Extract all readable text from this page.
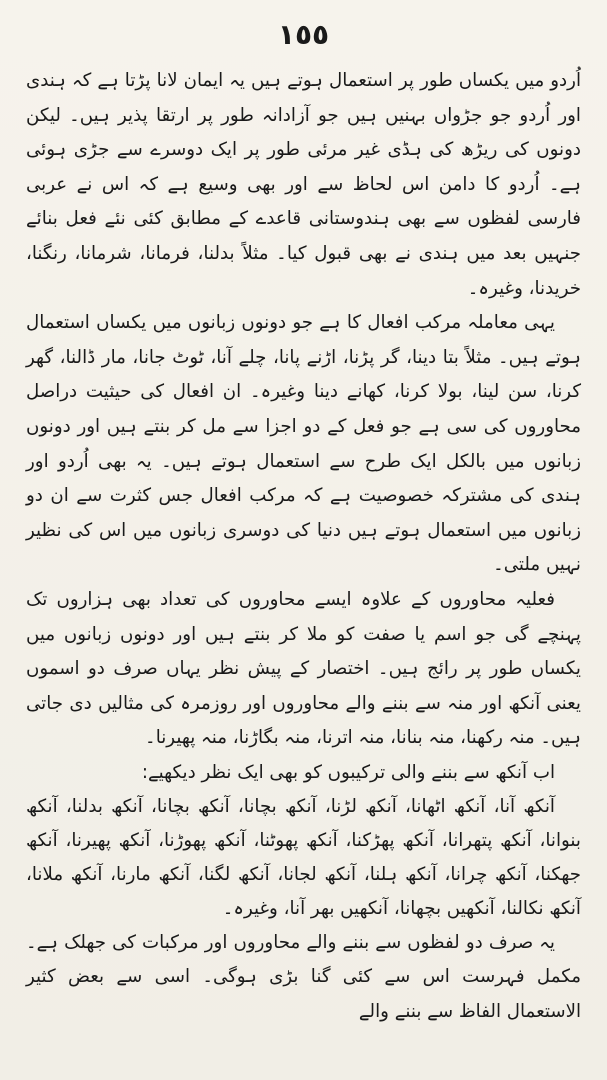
١٥٥

اُردو میں یکساں طور پر استعمال ہوتے ہیں یہ ایمان لانا پڑتا ہے کہ ہندی اور اُردو جو جڑواں بہنیں ہیں جو آزادانہ طور پر ارتقا پذیر ہیں۔ لیکن دونوں کی ریڑھ کی ہڈی غیر مرئی طور پر ایک دوسرے سے جڑی ہوئی ہے۔ اُردو کا دامن اس لحاظ سے اور بھی وسیع ہے کہ اس نے عربی فارسی لفظوں سے بھی ہندوستانی قاعدے کے مطابق کئی نئے فعل بنائے جنہیں بعد میں ہندی نے بھی قبول کیا۔ مثلاً بدلنا، فرمانا، شرمانا، رنگنا، خریدنا، وغیرہ۔

یہی معاملہ مرکب افعال کا ہے جو دونوں زبانوں میں یکساں استعمال ہوتے ہیں۔ مثلاً بتا دینا، گر پڑنا، اڑنے پانا، چلے آنا، ٹوٹ جانا، مار ڈالنا، گھر کرنا، سن لینا، بولا کرنا، کھانے دینا وغیرہ۔ ان افعال کی حیثیت دراصل محاوروں کی سی ہے جو فعل کے دو اجزا سے مل کر بنتے ہیں اور دونوں زبانوں میں بالکل ایک طرح سے استعمال ہوتے ہیں۔ یہ بھی اُردو اور ہندی کی مشترکہ خصوصیت ہے کہ مرکب افعال جس کثرت سے ان دو زبانوں میں استعمال ہوتے ہیں دنیا کی دوسری زبانوں میں اس کی نظیر نہیں ملتی۔

فعلیہ محاوروں کے علاوہ ایسے محاوروں کی تعداد بھی ہزاروں تک پہنچے گی جو اسم یا صفت کو ملا کر بنتے ہیں اور دونوں زبانوں میں یکساں طور پر رائج ہیں۔ اختصار کے پیش نظر یہاں صرف دو اسموں یعنی آنکھ اور منہ سے بننے والے محاوروں اور روزمرہ کی مثالیں دی جاتی ہیں۔ منہ رکھنا، منہ بنانا، منہ اترنا، منہ بگاڑنا، منہ پھیرنا۔

اب آنکھ سے بننے والی ترکیبوں کو بھی ایک نظر دیکھیے:

آنکھ آنا، آنکھ اٹھانا، آنکھ لڑنا، آنکھ بچانا، آنکھ بچانا، آنکھ بدلنا، آنکھ بنوانا، آنکھ پتھرانا، آنکھ پھڑکنا، آنکھ پھوٹنا، آنکھ پھوڑنا، آنکھ پھیرنا، آنکھ جھکنا، آنکھ چرانا، آنکھ ہلنا، آنکھ لجانا، آنکھ لگنا، آنکھ مارنا، آنکھ ملانا، آنکھ نکالنا، آنکھیں بچھانا، آنکھیں بھر آنا، وغیرہ۔

یہ صرف دو لفظوں سے بننے والے محاوروں اور مرکبات کی جھلک ہے۔ مکمل فہرست اس سے کئی گنا بڑی ہوگی۔ اسی سے بعض کثیر الاستعمال الفاظ سے بننے والے
